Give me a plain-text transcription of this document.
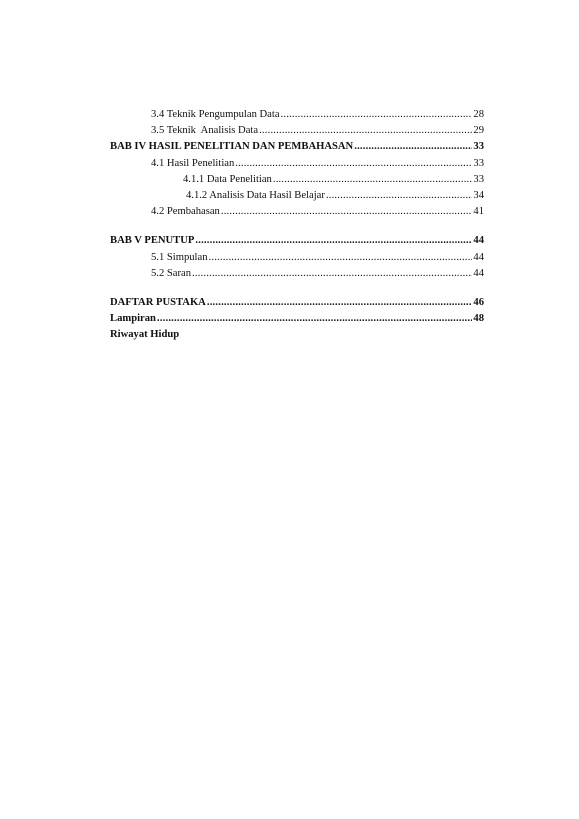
3.4 Teknik Pengumpulan Data .....	28
3.5 Teknik  Analisis Data .....	29
BAB IV HASIL PENELITIAN DAN PEMBAHASAN .....	33
4.1 Hasil Penelitian .....	33
4.1.1 Data Penelitian .....	33
4.1.2 Analisis Data Hasil Belajar .....	34
4.2 Pembahasan .....	41
BAB V PENUTUP .....	44
5.1 Simpulan .....	44
5.2 Saran .....	44
DAFTAR PUSTAKA .....	46
Lampiran .....	48
Riwayat Hidup
